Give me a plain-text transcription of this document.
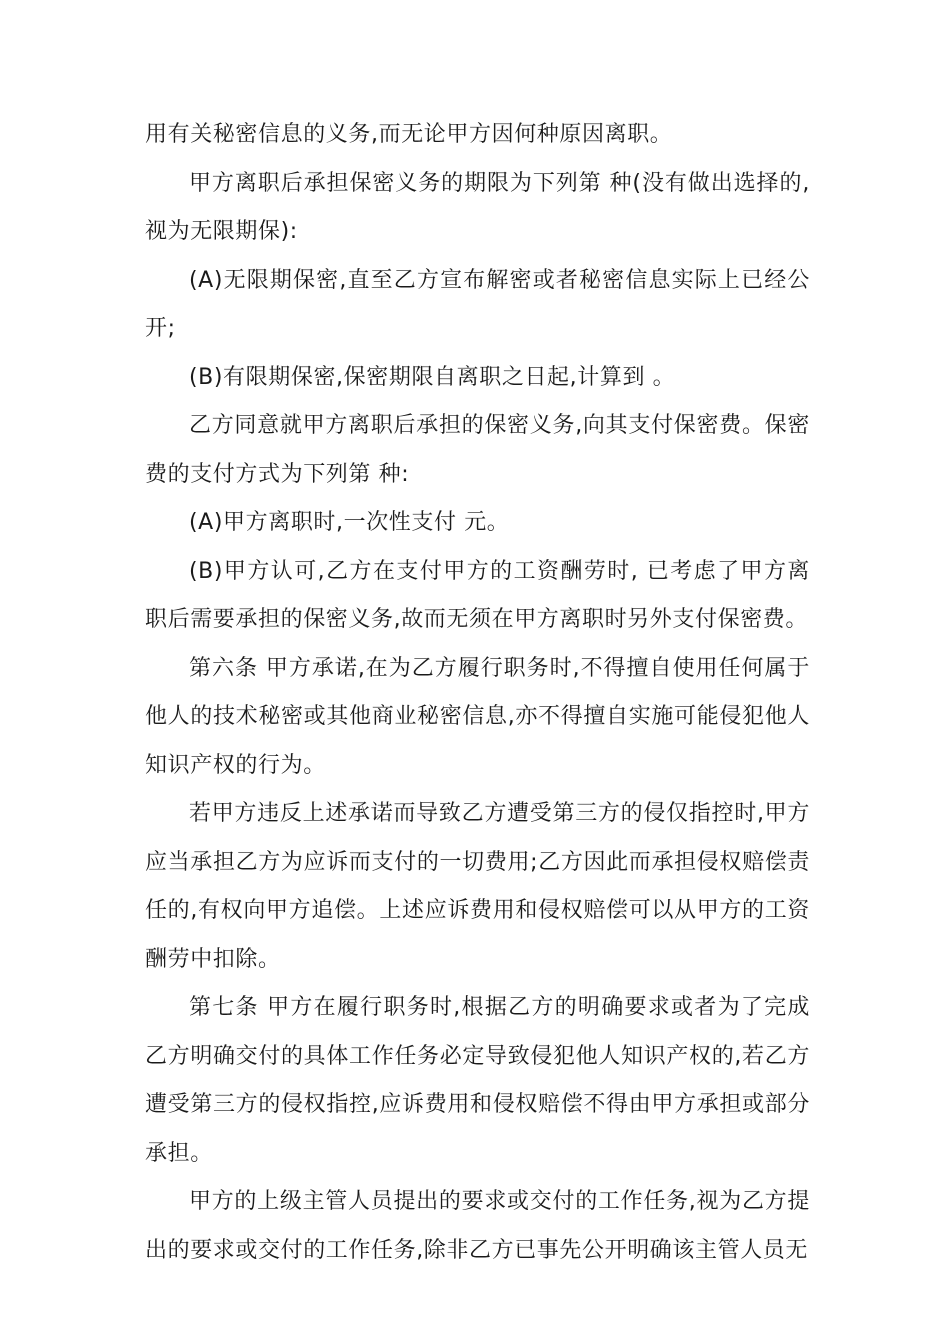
用有关秘密信息的义务,而无论甲方因何种原因离职。

甲方离职后承担保密义务的期限为下列第 种(没有做出选择的,视为无限期保):

(A)无限期保密,直至乙方宣布解密或者秘密信息实际上已经公开;

(B)有限期保密,保密期限自离职之日起,计算到 。

乙方同意就甲方离职后承担的保密义务,向其支付保密费。保密费的支付方式为下列第 种:

(A)甲方离职时,一次性支付 元。

(B)甲方认可,乙方在支付甲方的工资酬劳时, 已考虑了甲方离职后需要承担的保密义务,故而无须在甲方离职时另外支付保密费。

第六条 甲方承诺,在为乙方履行职务时,不得擅自使用任何属于他人的技术秘密或其他商业秘密信息,亦不得擅自实施可能侵犯他人知识产权的行为。

若甲方违反上述承诺而导致乙方遭受第三方的侵仅指控时,甲方应当承担乙方为应诉而支付的一切费用;乙方因此而承担侵权赔偿责任的,有权向甲方追偿。上述应诉费用和侵权赔偿可以从甲方的工资酬劳中扣除。

第七条 甲方在履行职务时,根据乙方的明确要求或者为了完成乙方明确交付的具体工作任务必定导致侵犯他人知识产权的,若乙方遭受第三方的侵权指控,应诉费用和侵权赔偿不得由甲方承担或部分承担。

甲方的上级主管人员提出的要求或交付的工作任务,视为乙方提出的要求或交付的工作任务,除非乙方已事先公开明确该主管人员无
